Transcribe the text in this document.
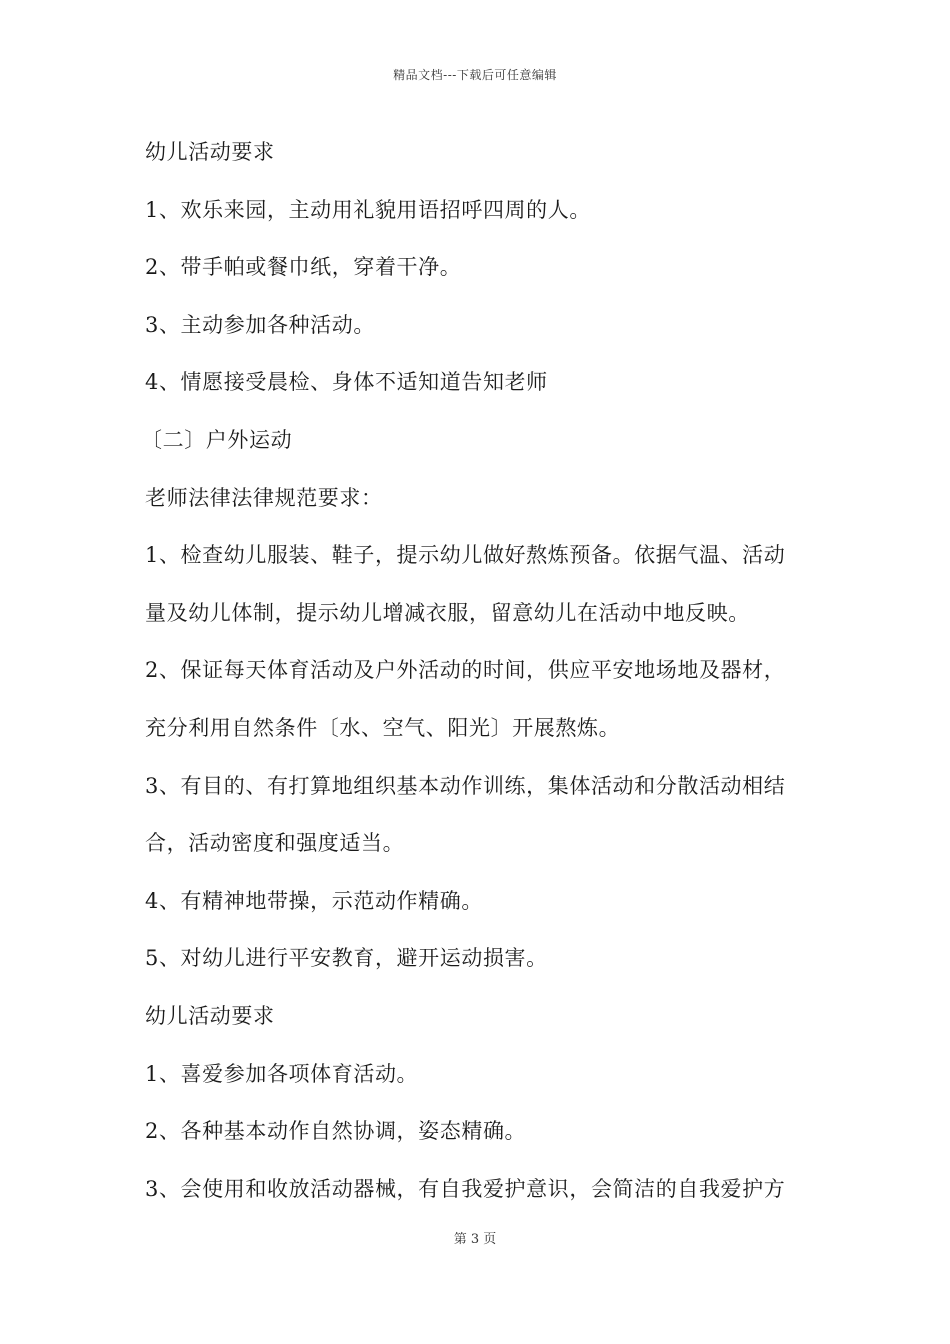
精品文档---下载后可任意编辑
幼儿活动要求
1、欢乐来园，主动用礼貌用语招呼四周的人。
2、带手帕或餐巾纸，穿着干净。
3、主动参加各种活动。
4、情愿接受晨检、身体不适知道告知老师
〔二〕户外运动
老师法律法律规范要求：
1、检查幼儿服装、鞋子，提示幼儿做好熬炼预备。依据气温、活动
量及幼儿体制，提示幼儿增减衣服，留意幼儿在活动中地反映。
2、保证每天体育活动及户外活动的时间，供应平安地场地及器材，
充分利用自然条件〔水、空气、阳光〕开展熬炼。
3、有目的、有打算地组织基本动作训练，集体活动和分散活动相结
合，活动密度和强度适当。
4、有精神地带操，示范动作精确。
5、对幼儿进行平安教育，避开运动损害。
幼儿活动要求
1、喜爱参加各项体育活动。
2、各种基本动作自然协调，姿态精确。
3、会使用和收放活动器械，有自我爱护意识，会简洁的自我爱护方
第 3 页
